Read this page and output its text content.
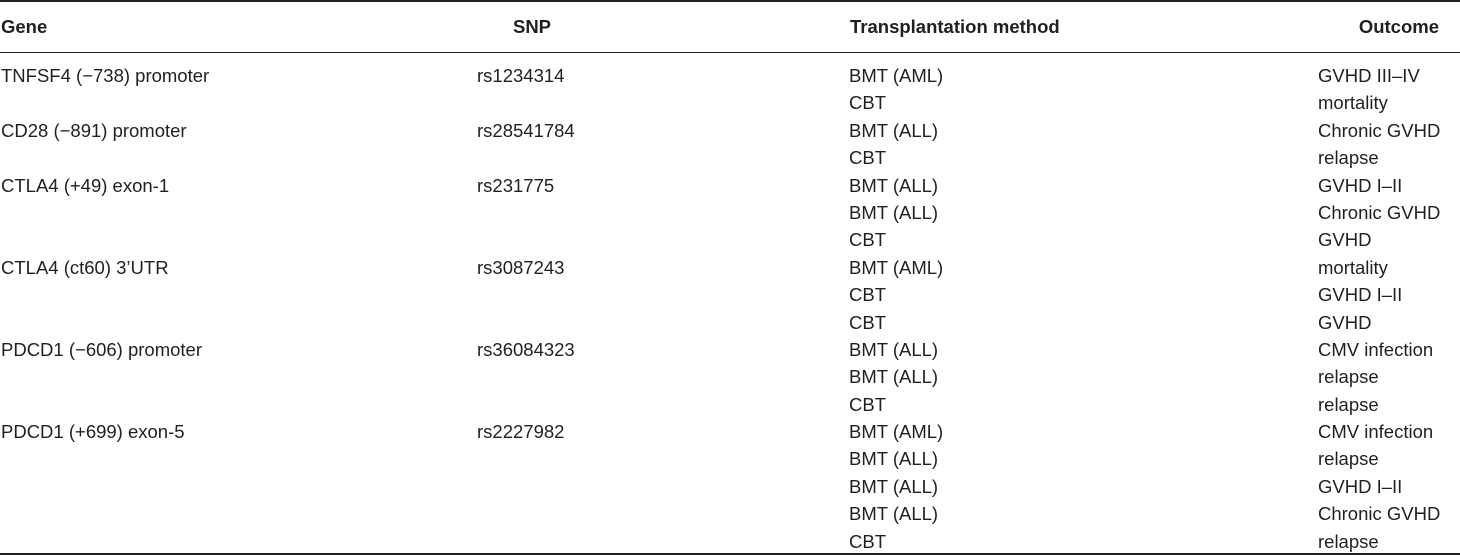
Gene	SNP	Transplantation method	Outcome
TNFSF4 (−738) promoter	rs1234314	BMT (AML)	GVHD III–IV
CBT	mortality
CD28 (−891) promoter	rs28541784	BMT (ALL)	Chronic GVHD
CBT	relapse
CTLA4 (+49) exon-1	rs231775	BMT (ALL)	GVHD I–II
BMT (ALL)	Chronic GVHD
CBT	GVHD
CTLA4 (ct60) 3’UTR	rs3087243	BMT (AML)	mortality
CBT	GVHD I–II
CBT	GVHD
PDCD1 (−606) promoter	rs36084323	BMT (ALL)	CMV infection
BMT (ALL)	relapse
CBT	relapse
PDCD1 (+699) exon-5	rs2227982	BMT (AML)	CMV infection
BMT (ALL)	relapse
BMT (ALL)	GVHD I–II
BMT (ALL)	Chronic GVHD
CBT	relapse
